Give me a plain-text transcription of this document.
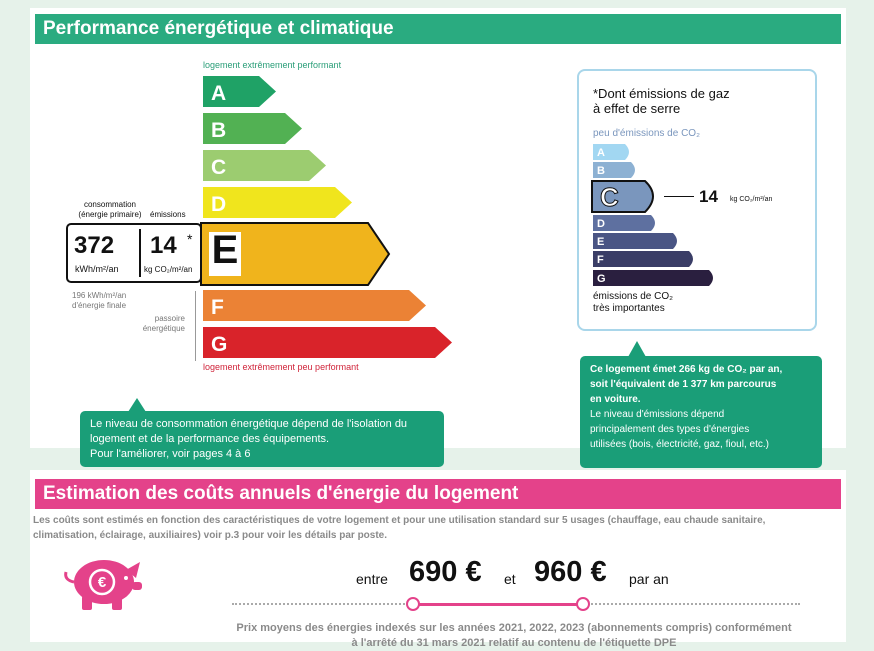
Performance énergétique et climatique
logement extrêmement performant
A
B
C
D
F
G
logement extrêmement peu performant
E
consommation
(énergie primaire)	émissions
372
kWh/m²/an
14 *
kg CO₂/m²/an
196 kWh/m²/an
d'énergie finale
passoire
énergétique
*Dont émissions de gaz
à effet de serre
peu d'émissions de CO₂
A
B
D
E
F
G
C	14 kg CO₂/m²/an
émissions de CO₂
très importantes
Le niveau de consommation énergétique dépend de l'isolation du
logement et de la performance des équipements.
Pour l'améliorer, voir pages 4 à 6
Ce logement émet 266 kg de CO₂ par an,
soit l'équivalent de 1 377 km parcourus
en voiture.
Le niveau d'émissions dépend
principalement des types d'énergies
utilisées (bois, électricité, gaz, fioul, etc.)
Estimation des coûts annuels d'énergie du logement
Les coûts sont estimés en fonction des caractéristiques de votre logement et pour une utilisation standard sur 5 usages (chauffage, eau chaude sanitaire,
climatisation, éclairage, auxiliaires) voir p.3 pour voir les détails par poste.
€	entre 690 € et 960 € par an
Prix moyens des énergies indexés sur les années 2021, 2022, 2023 (abonnements compris) conformément
à l'arrêté du 31 mars 2021 relatif au contenu de l'étiquette DPE
